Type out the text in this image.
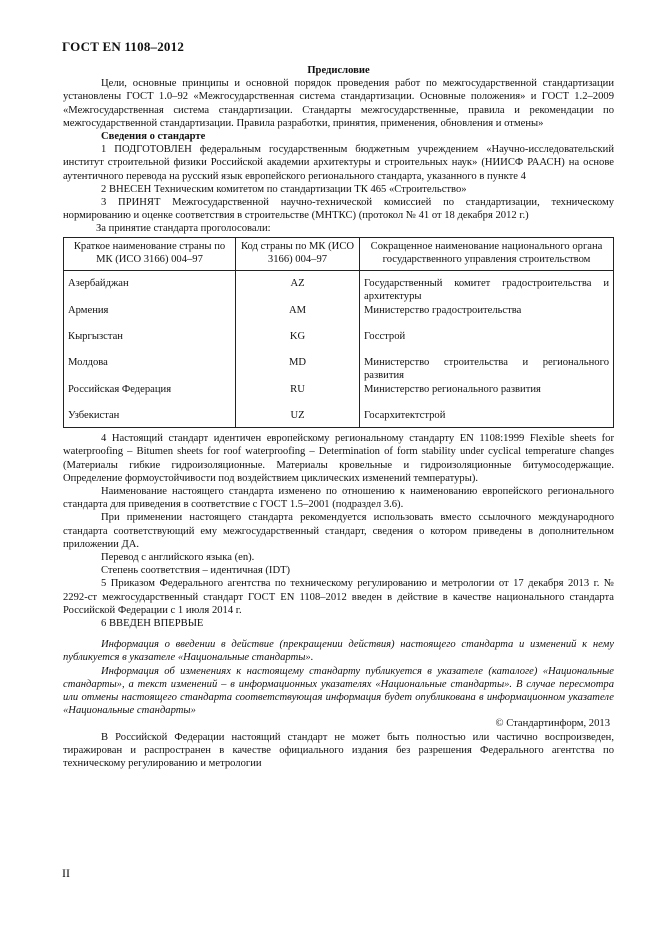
ГОСТ EN 1108–2012

Предисловие

Цели, основные принципы и основной порядок проведения работ по межгосударственной стандартизации установлены ГОСТ 1.0–92 «Межгосударственная система стандартизации. Основные положения» и ГОСТ 1.2–2009 «Межгосударственная система стандартизации. Стандарты межгосударственные, правила и рекомендации по межгосударственной стандартизации. Правила разработки, принятия, применения, обновления и отмены»

Сведения о стандарте

1 ПОДГОТОВЛЕН федеральным государственным бюджетным учреждением «Научно-исследовательский институт строительной физики Российской академии архитектуры и строительных наук» (НИИСФ РААСН) на основе аутентичного перевода на русский язык европейского регионального стандарта, указанного в пункте 4

2 ВНЕСЕН Техническим комитетом по стандартизации ТК 465 «Строительство»

3 ПРИНЯТ Межгосударственной научно-технической комиссией по стандартизации, техническому нормированию и оценке соответствия в строительстве (МНТКС) (протокол № 41 от 18 декабря 2012 г.)

За принятие стандарта проголосовали:

Краткое наименование страны по МК (ИСО 3166) 004–97	Код страны по МК (ИСО 3166) 004–97	Сокращенное наименование национального органа государственного управления строительством
Азербайджан	AZ	Государственный комитет градостроительства и архитектуры
Армения	AM	Министерство градостроительства
Кыргызстан	KG	Госстрой
Молдова	MD	Министерство строительства и регионального развития
Российская Федерация	RU	Министерство регионального развития
Узбекистан	UZ	Госархитектстрой

4 Настоящий стандарт идентичен европейскому региональному стандарту EN 1108:1999 Flexible sheets for waterproofing – Bitumen sheets for roof waterproofing – Determination of form stability under cyclical temperature changes (Материалы гибкие гидроизоляционные. Материалы кровельные и гидроизоляционные битумосодержащие. Определение формоустойчивости под воздействием циклических изменений температуры).

Наименование настоящего стандарта изменено по отношению к наименованию европейского регионального стандарта для приведения в соответствие с ГОСТ 1.5–2001 (подраздел 3.6).

При применении настоящего стандарта рекомендуется использовать вместо ссылочного международного стандарта соответствующий ему межгосударственный стандарт, сведения о котором приведены в дополнительном приложении ДА.

Перевод с английского языка (en).

Степень соответствия – идентичная (IDT)

5 Приказом Федерального агентства по техническому регулированию и метрологии от 17 декабря 2013 г. № 2292-ст межгосударственный стандарт ГОСТ EN 1108–2012 введен в действие в качестве национального стандарта Российской Федерации с 1 июля 2014 г.

6 ВВЕДЕН ВПЕРВЫЕ

Информация о введении в действие (прекращении действия) настоящего стандарта и изменений к нему публикуется в указателе «Национальные стандарты».

Информация об изменениях к настоящему стандарту публикуется в указателе (каталоге) «Национальные стандарты», а текст изменений – в информационных указателях «Национальные стандарты». В случае пересмотра или отмены настоящего стандарта соответствующая информация будет опубликована в информационном указателе «Национальные стандарты»

© Стандартинформ, 2013

В Российской Федерации настоящий стандарт не может быть полностью или частично воспроизведен, тиражирован и распространен в качестве официального издания без разрешения Федерального агентства по техническому регулированию и метрологии

II
